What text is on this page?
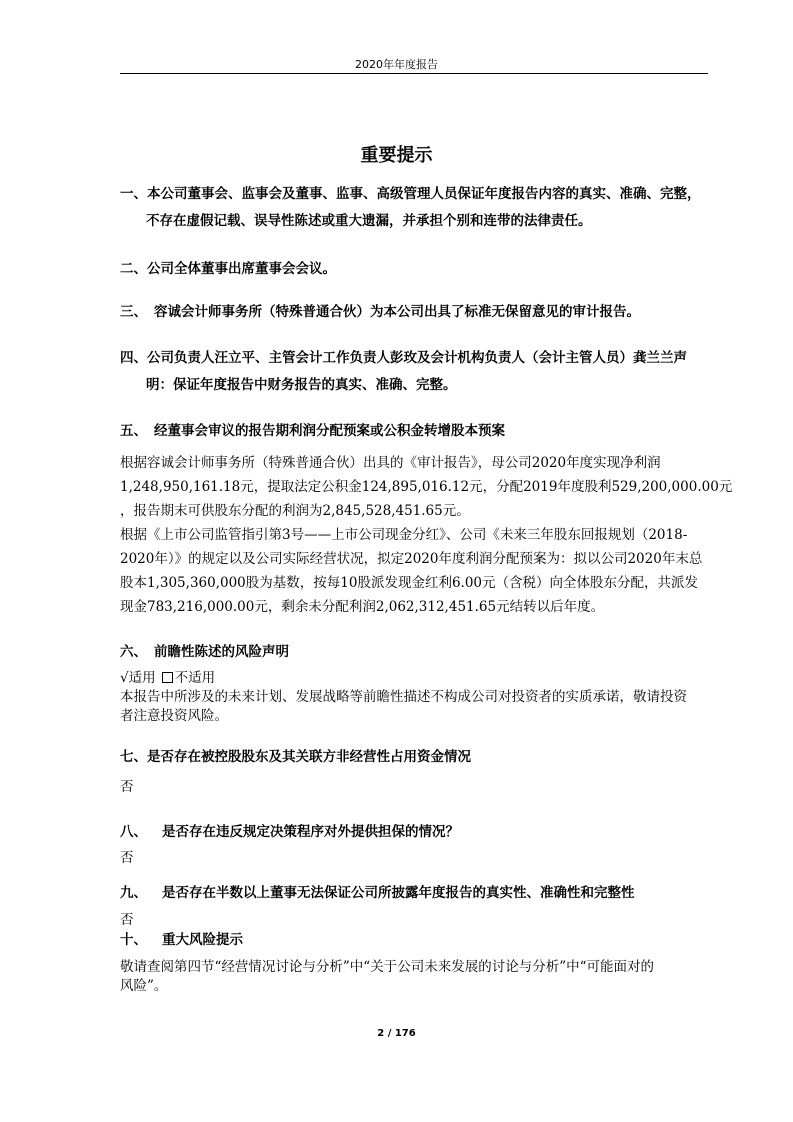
2020年年度报告
重要提示
一、本公司董事会、监事会及董事、监事、高级管理人员保证年度报告内容的真实、准确、完整，
不存在虚假记载、误导性陈述或重大遗漏，并承担个别和连带的法律责任。
二、公司全体董事出席董事会会议。
三、 容诚会计师事务所（特殊普通合伙）为本公司出具了标准无保留意见的审计报告。
四、公司负责人汪立平、主管会计工作负责人彭玫及会计机构负责人（会计主管人员）龚兰兰声
明：保证年度报告中财务报告的真实、准确、完整。
五、 经董事会审议的报告期利润分配预案或公积金转增股本预案
根据容诚会计师事务所（特殊普通合伙）出具的《审计报告》，母公司2020年度实现净利润
1,248,950,161.18元，提取法定公积金124,895,016.12元，分配2019年度股利529,200,000.00元
，报告期末可供股东分配的利润为2,845,528,451.65元。
根据《上市公司监管指引第3号——上市公司现金分红》、公司《未来三年股东回报规划（2018-
2020年）》的规定以及公司实际经营状况，拟定2020年度利润分配预案为：拟以公司2020年末总
股本1,305,360,000股为基数，按每10股派发现金红利6.00元（含税）向全体股东分配，共派发
现金783,216,000.00元，剩余未分配利润2,062,312,451.65元结转以后年度。
六、 前瞻性陈述的风险声明
√适用 不适用
本报告中所涉及的未来计划、发展战略等前瞻性描述不构成公司对投资者的实质承诺，敬请投资
者注意投资风险。
七、是否存在被控股股东及其关联方非经营性占用资金情况
否
八、 是否存在违反规定决策程序对外提供担保的情况？
否
九、 是否存在半数以上董事无法保证公司所披露年度报告的真实性、准确性和完整性
否
十、 重大风险提示
敬请查阅第四节“经营情况讨论与分析”中“关于公司未来发展的讨论与分析”中“可能面对的
风险”。
2 / 176
